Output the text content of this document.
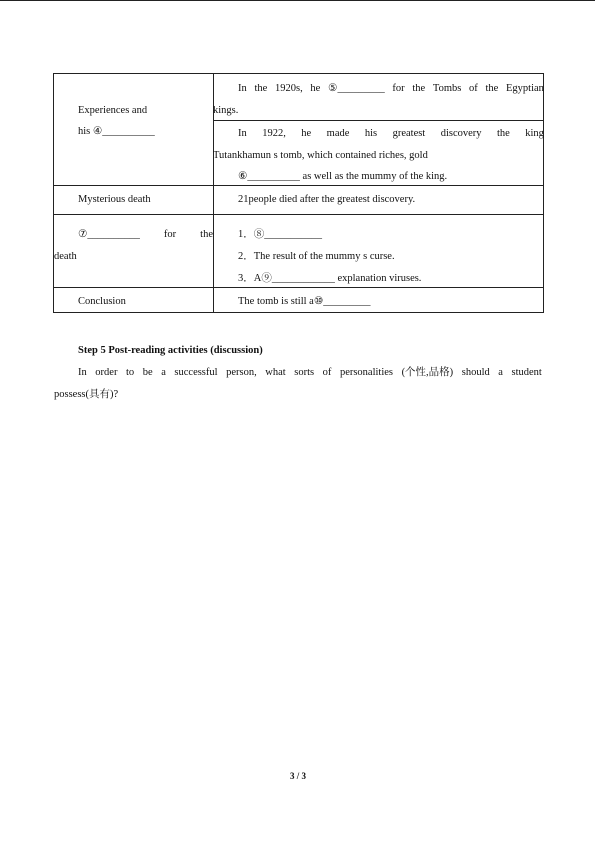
Experiences and
his ④__________
In the 1920s, he ⑤_________ for the Tombs of the Egyptian
kings.
In 1922, he made his greatest discovery the king
Tutankhamun s tomb, which contained riches, gold
⑥__________ as well as the mummy of the king.
Mysterious death	21people died after the greatest discovery.
⑦__________ for the
death
1．⑧___________
2．The result of the mummy s curse.
3．A⑨____________ explanation viruses.
Conclusion	The tomb is still a⑩_________
Step 5 Post-reading activities (discussion)
In order to be a successful person, what sorts of personalities (个性,品格) should a student
possess(具有)?
3 / 3
